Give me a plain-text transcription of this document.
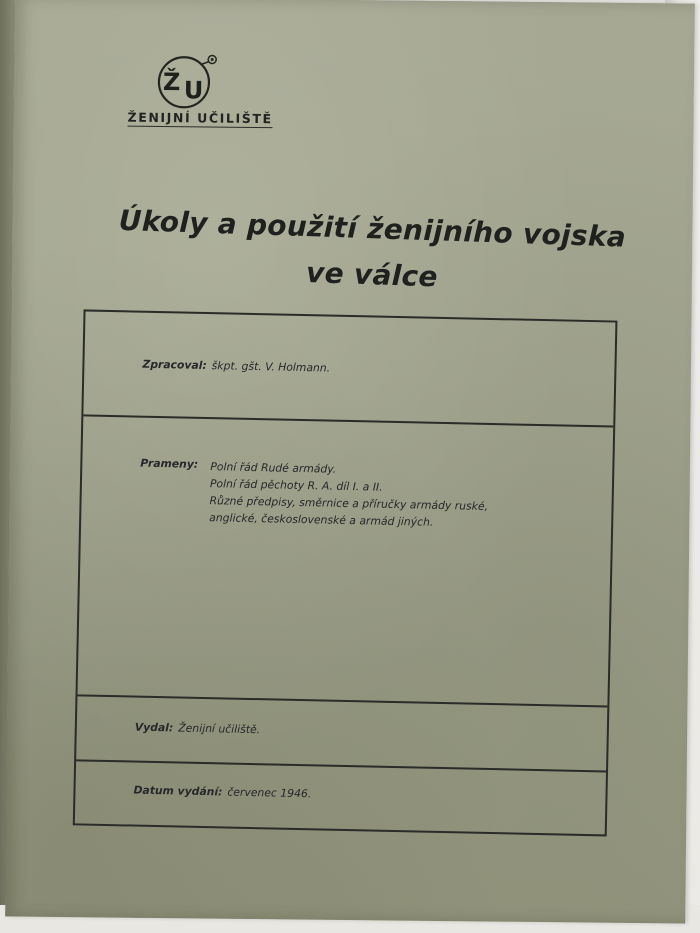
Ž U
ŽENIJNÍ UČILIŠTĚ
Úkoly a použití ženijního vojska
ve válce
Zpracoval: škpt. gšt. V. Holmann.
Prameny: Polní řád Rudé armády.
Polní řád pěchoty R. A. díl I. a II.
Různé předpisy, směrnice a příručky armády ruské,
anglické, československé a armád jiných.
Vydal: Ženijní učiliště.
Datum vydání: červenec 1946.
